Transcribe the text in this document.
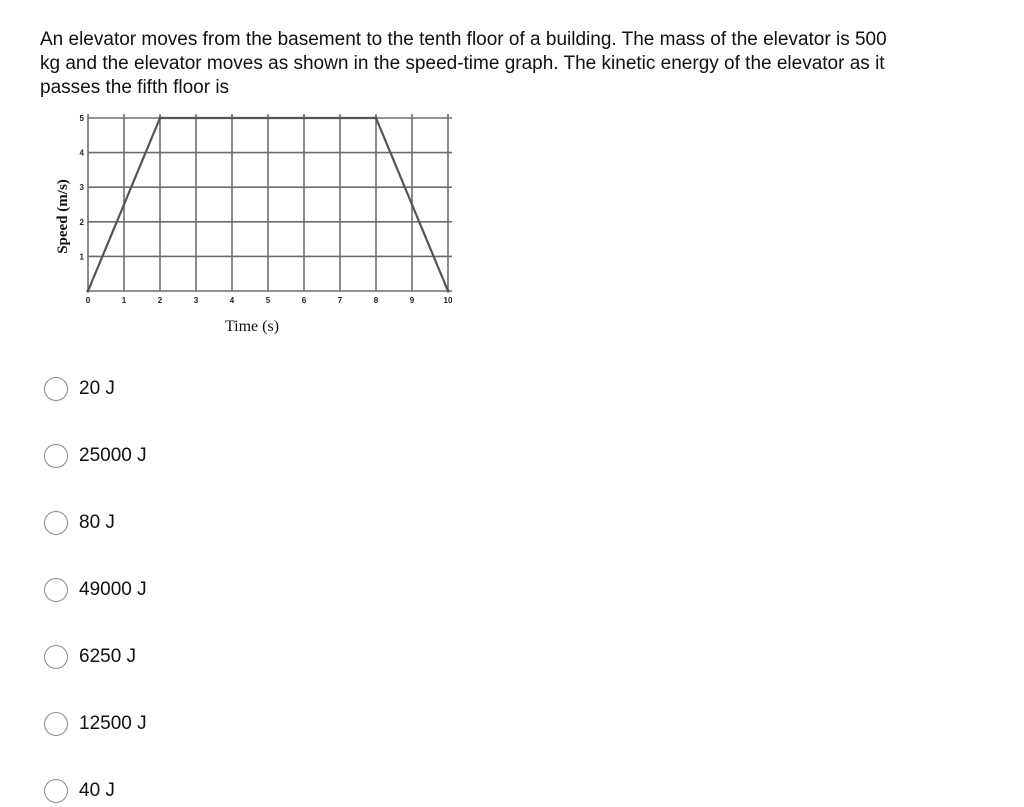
An elevator moves from the basement to the tenth floor of a building. The mass of the elevator is 500 kg and the elevator moves as shown in the speed-time graph. The kinetic energy of the elevator as it passes the fifth floor is
0	1	2	3	4	5	6	7	8	9	10
1
2
3
4
5
Time (s)
Speed (m/s)
20 J
25000 J
80 J
49000 J
6250 J
12500 J
40 J
